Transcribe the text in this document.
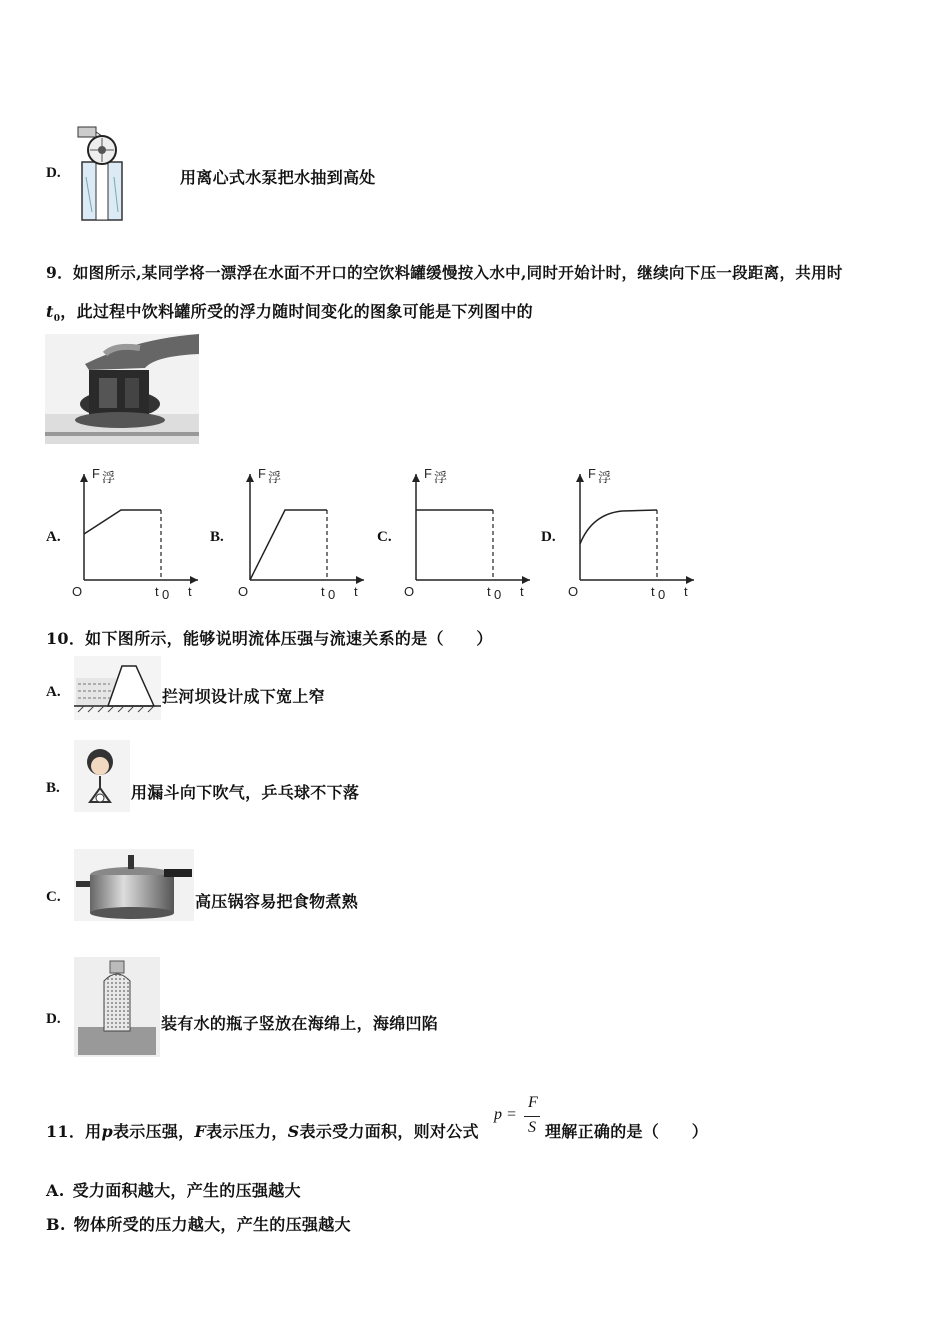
D.	用离心式水泵把水抽到高处
9．如图所示,某同学将一漂浮在水面不开口的空饮料罐缓慢按入水中,同时开始计时，继续向下压一段距离，共用时
$t_0$，此过程中饮料罐所受的浮力随时间变化的图象可能是下列图中的
A.	B.	C.	D.
F 浮
O	t 0 t
F 浮
O	t 0 t
F 浮
O	t 0 t
F 浮
O	t 0 t
10．如下图所示，能够说明流体压强与流速关系的是（　　）
A.	拦河坝设计成下宽上窄
B.	用漏斗向下吹气，乒乓球不下落
C.	高压锅容易把食物煮熟
D.	装有水的瓶子竖放在海绵上，海绵凹陷
11．用p表示压强，F表示压力，S表示受力面积，则对公式
p =
F
S 理解正确的是（　　）
A. 受力面积越大，产生的压强越大
B. 物体所受的压力越大，产生的压强越大
